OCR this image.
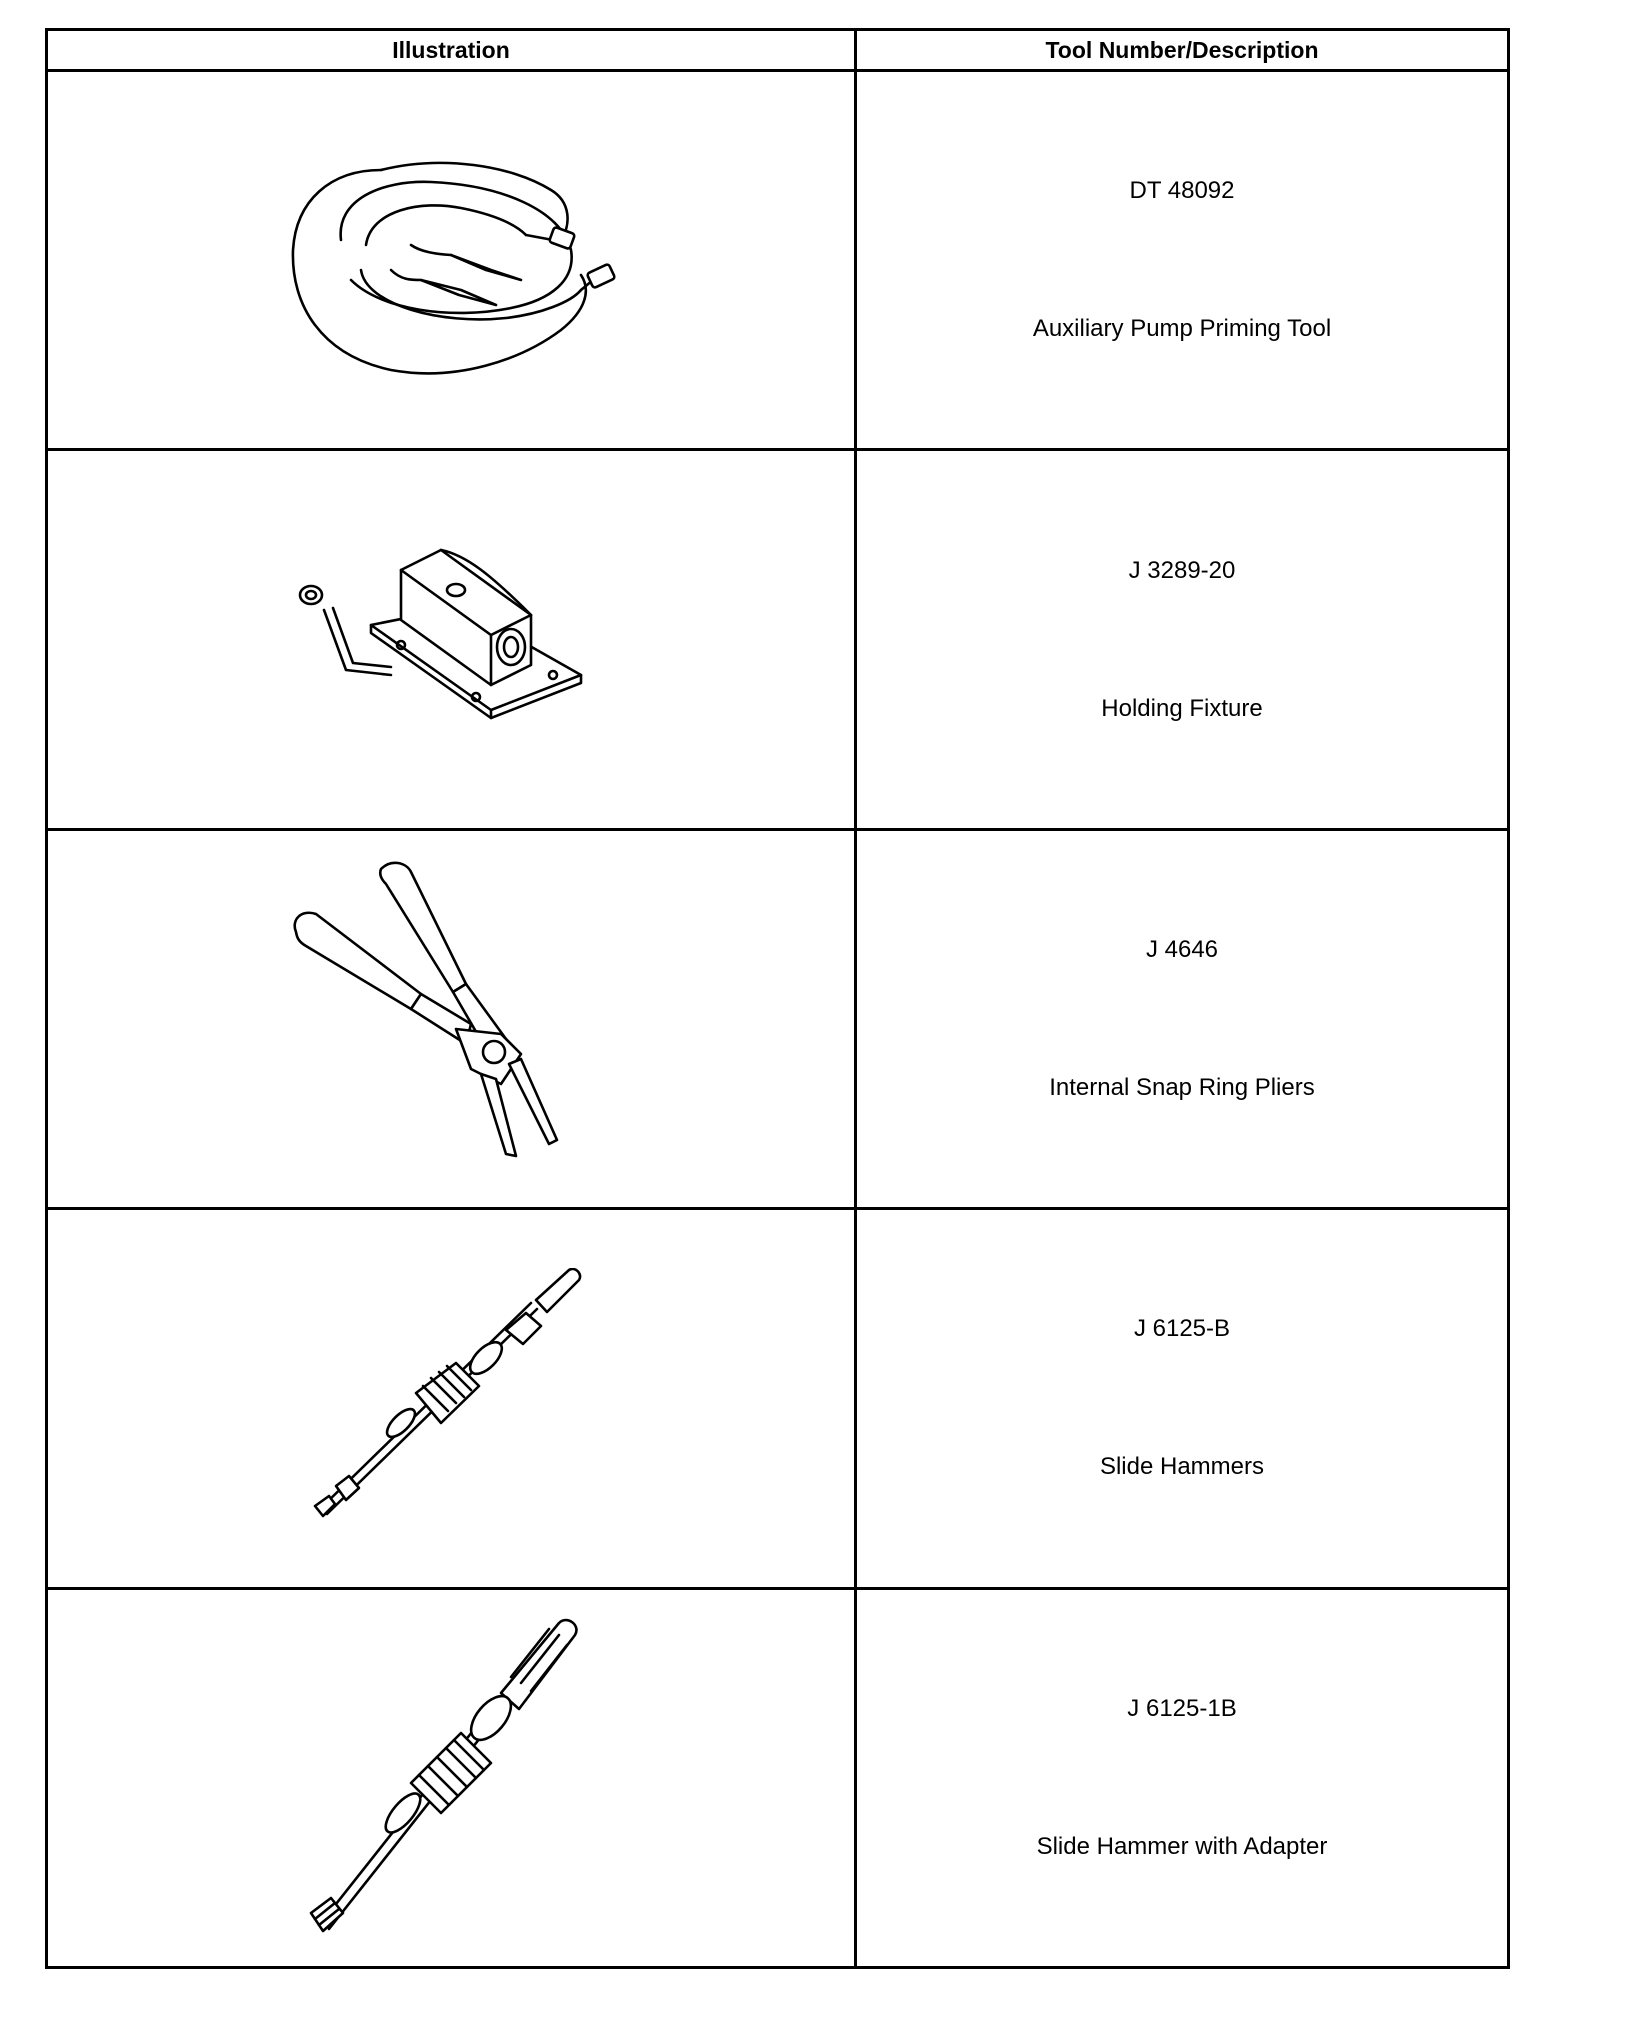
Illustration	Tool Number/Description

DT 48092
Auxiliary Pump Priming Tool

J 3289-20
Holding Fixture

J 4646
Internal Snap Ring Pliers

J 6125-B
Slide Hammers

J 6125-1B
Slide Hammer with Adapter
